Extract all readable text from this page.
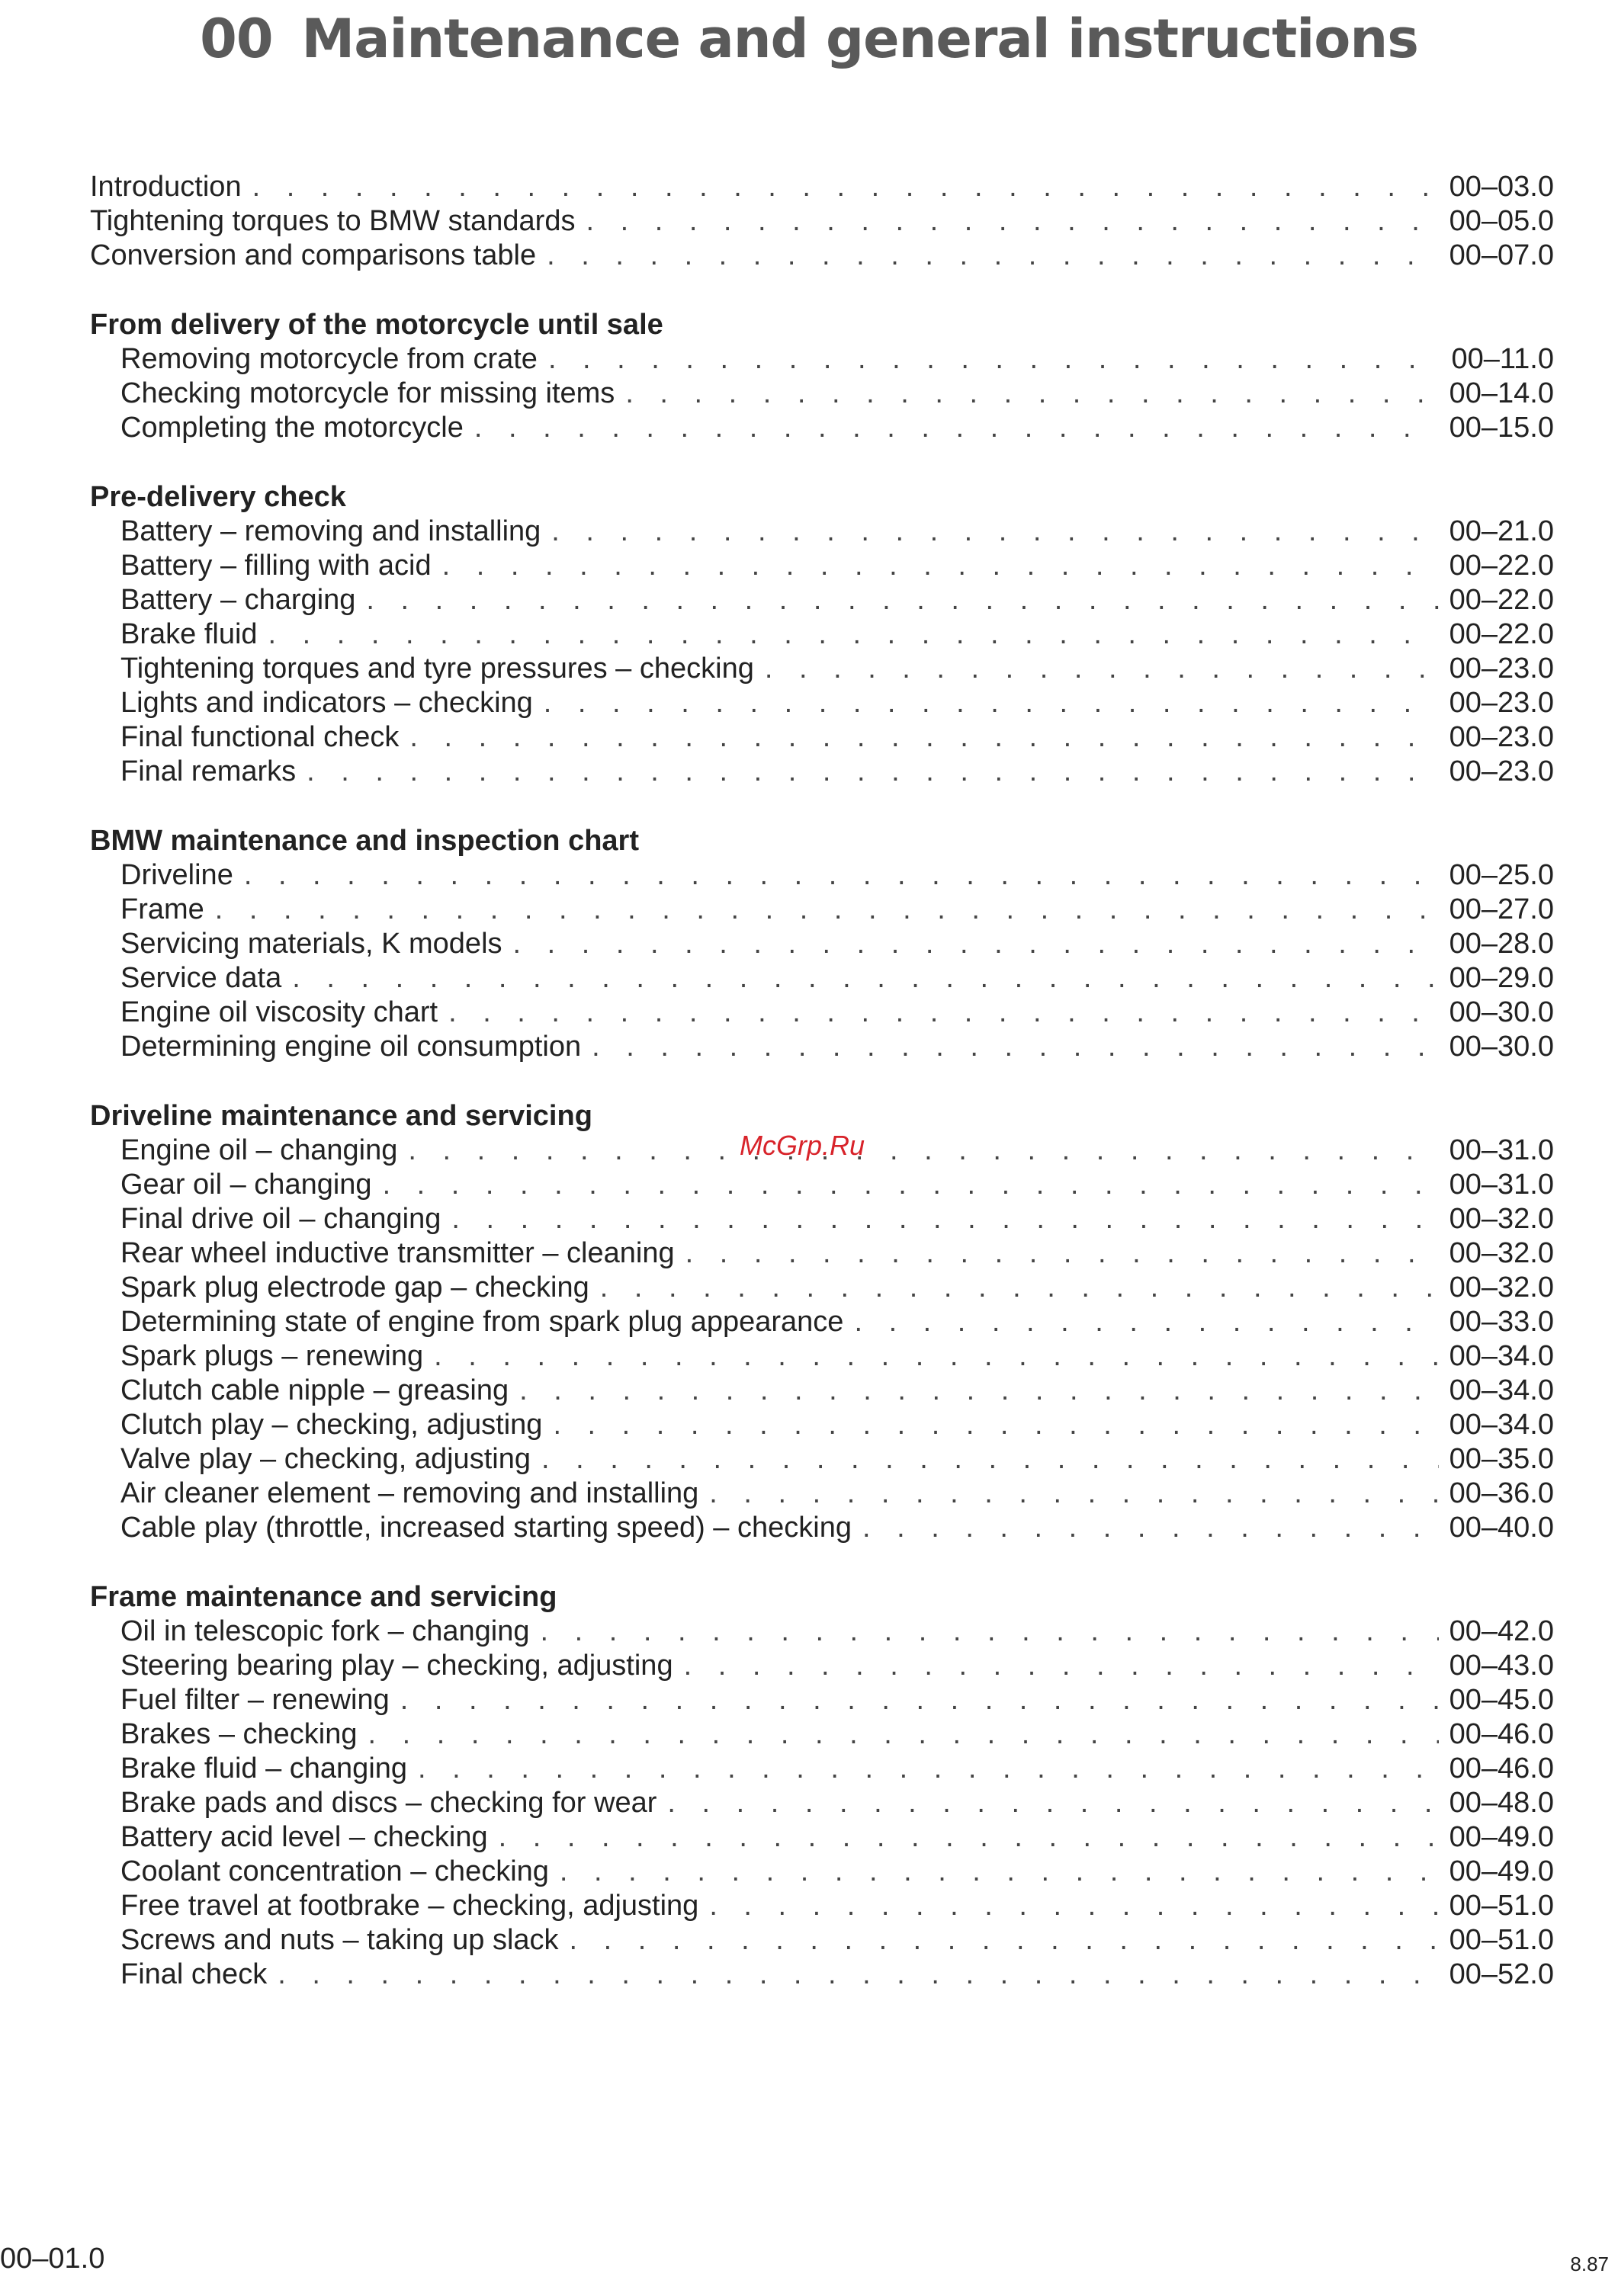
00 Maintenance and general instructions
Introduction . . .	00–03.0
Tightening torques to BMW standards . . .	00–05.0
Conversion and comparisons table . . .	00–07.0
From delivery of the motorcycle until sale
Removing motorcycle from crate . . .	00–11.0
Checking motorcycle for missing items . . .	00–14.0
Completing the motorcycle . . .	00–15.0
Pre-delivery check
Battery – removing and installing . . .	00–21.0
Battery – filling with acid . . .	00–22.0
Battery – charging . . .	00–22.0
Brake fluid . . .	00–22.0
Tightening torques and tyre pressures – checking . . .	00–23.0
Lights and indicators – checking . . .	00–23.0
Final functional check . . .	00–23.0
Final remarks . . .	00–23.0
BMW maintenance and inspection chart
Driveline . . .	00–25.0
Frame . . .	00–27.0
Servicing materials, K models . . .	00–28.0
Service data . . .	00–29.0
Engine oil viscosity chart . . .	00–30.0
Determining engine oil consumption . . .	00–30.0
Driveline maintenance and servicing
Engine oil – changing . . .	00–31.0
Gear oil – changing . . .	00–31.0
Final drive oil – changing . . .	00–32.0
Rear wheel inductive transmitter – cleaning . . .	00–32.0
Spark plug electrode gap – checking . . .	00–32.0
Determining state of engine from spark plug appearance . . .	00–33.0
Spark plugs – renewing . . .	00–34.0
Clutch cable nipple – greasing . . .	00–34.0
Clutch play – checking, adjusting . . .	00–34.0
Valve play – checking, adjusting . . .	00–35.0
Air cleaner element – removing and installing . . .	00–36.0
Cable play (throttle, increased starting speed) – checking . . .	00–40.0
Frame maintenance and servicing
Oil in telescopic fork – changing . . .	00–42.0
Steering bearing play – checking, adjusting . . .	00–43.0
Fuel filter – renewing . . .	00–45.0
Brakes – checking . . .	00–46.0
Brake fluid – changing . . .	00–46.0
Brake pads and discs – checking for wear . . .	00–48.0
Battery acid level – checking . . .	00–49.0
Coolant concentration – checking . . .	00–49.0
Free travel at footbrake – checking, adjusting . . .	00–51.0
Screws and nuts – taking up slack . . .	00–51.0
Final check . . .	00–52.0
McGrp.Ru
00–01.0	8.87
